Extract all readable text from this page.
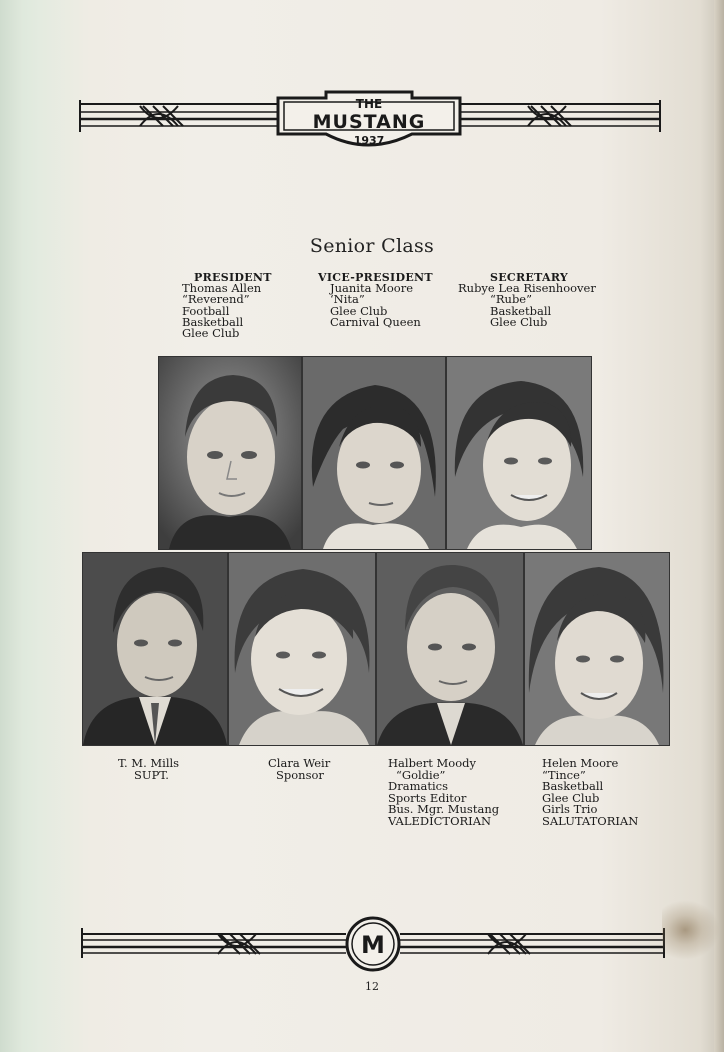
THE
MUSTANG
1937
Senior Class
PRESIDENT
Thomas Allen
“Reverend”
Football
Basketball
Glee Club
VICE-PRESIDENT
Juanita Moore
‘Nita”
Glee Club
Carnival Queen
SECRETARY
Rubye Lea Risenhoover
“Rube”
Basketball
Glee Club
T. M. Mills
SUPT.
Clara Weir
Sponsor
Halbert Moody
“Goldie”
Dramatics
Sports Editor
Bus. Mgr. Mustang
VALEDICTORIAN
Helen Moore
“Tince”
Basketball
Glee Club
Girls Trio
SALUTATORIAN
M
12
